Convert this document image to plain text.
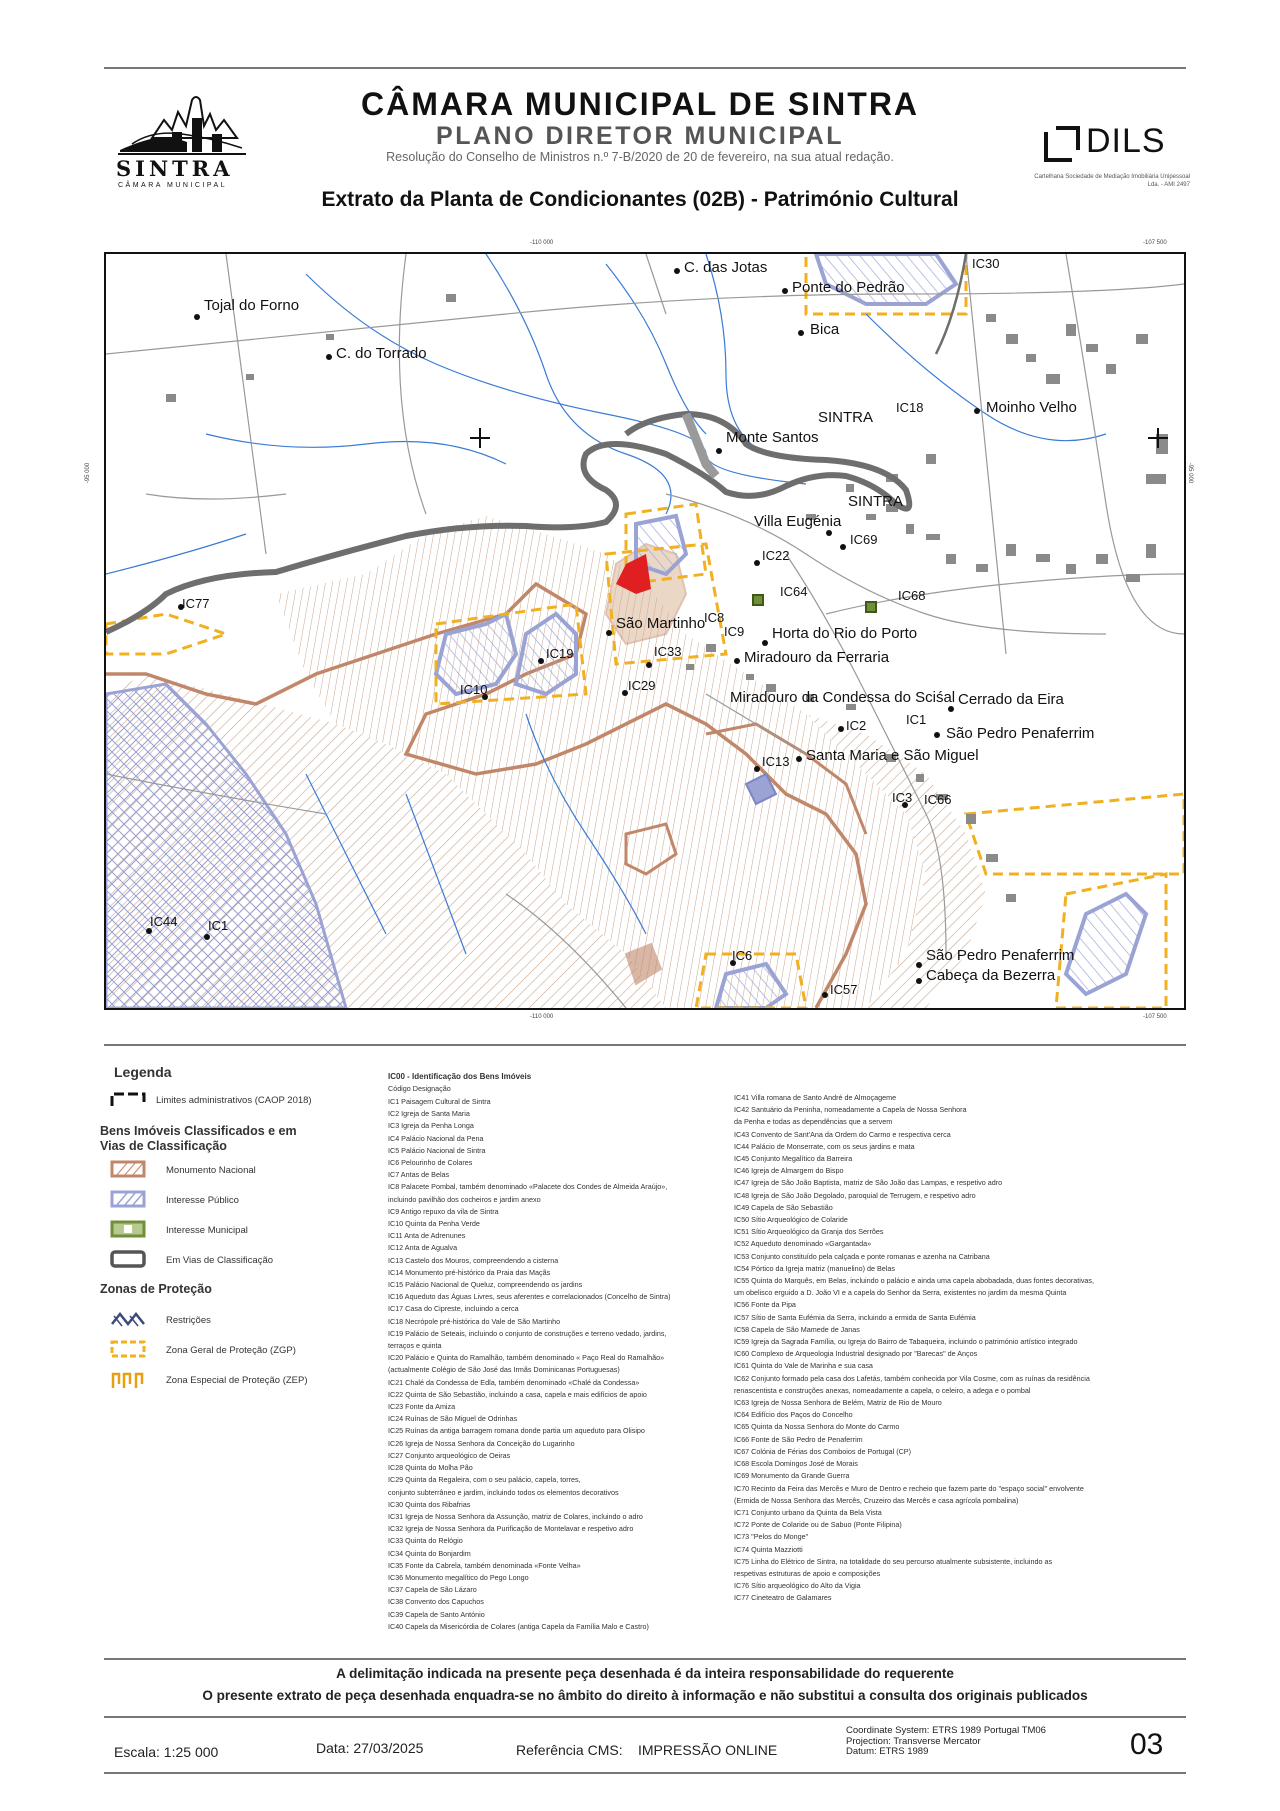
SINTRA
CÂMARA MUNICIPAL
CÂMARA MUNICIPAL DE SINTRA
PLANO DIRETOR MUNICIPAL
Resolução do Conselho de Ministros n.º 7-B/2020 de 20 de fevereiro, na sua atual redação.
Extrato da Planta de Condicionantes (02B) - Património Cultural
DILS
Cartelhana Sociedade de Mediação Imobiliária Unipessoal Lda. - AMI 2497
-110 000	-107 500
-110 000	-107 500
-95 000	-95 000
C. das Jotas
Ponte do Pedrão
Bica
Tojal do Forno
C. do Torrado
SINTRA
Moinho Velho
Monte Santos
SINTRA
Villa Eugénia
São Martinho
Horta do Rio do Porto
Miradouro da Ferraria
Miradouro da Condessa do Sciśal Cerrado da Eira
São Pedro Penaferrim
Santa Maria e São Miguel
São Pedro Penaferrim
Cabeça da Bezerra
IC30
IC18
IC69
IC22
IC64	IC68
IC77
IC8
IC9
IC19	IC33
IC10	IC29
IC2	IC1
IC13
IC3 IC66
IC44 IC1
IC6
IC57
Legenda
Limites administrativos (CAOP 2018)
Bens Imóveis Classificados e em Vias de Classificação
Monumento Nacional
Interesse Público
Interesse Municipal
Em Vias de Classificação
Zonas de Proteção
Restrições
Zona Geral de Proteção (ZGP)
Zona Especial de Proteção (ZEP)
IC00 - Identificação dos Bens Imóveis
Código Designação
IC1 Paisagem Cultural de Sintra
IC2 Igreja de Santa Maria
IC3 Igreja da Penha Longa
IC4 Palácio Nacional da Pena
IC5 Palácio Nacional de Sintra
IC6 Pelourinho de Colares
IC7 Antas de Belas
IC8 Palacete Pombal, também denominado «Palacete dos Condes de Almeida Araújo»,
incluindo pavilhão dos cocheiros e jardim anexo
IC9 Antigo repuxo da vila de Sintra
IC10 Quinta da Penha Verde
IC11 Anta de Adrenunes
IC12 Anta de Agualva
IC13 Castelo dos Mouros, compreendendo a cisterna
IC14 Monumento pré-histórico da Praia das Maçãs
IC15 Palácio Nacional de Queluz, compreendendo os jardins
IC16 Aqueduto das Águas Livres, seus aferentes e correlacionados (Concelho de Sintra)
IC17 Casa do Cipreste, incluindo a cerca
IC18 Necrópole pré-histórica do Vale de São Martinho
IC19 Palácio de Seteais, incluindo o conjunto de construções e terreno vedado, jardins,
terraços e quinta
IC20 Palácio e Quinta do Ramalhão, também denominado « Paço Real do Ramalhão»
(actualmente Colégio de São José das Irmãs Dominicanas Portuguesas)
IC21 Chalé da Condessa de Edla, também denominado «Chalé da Condessa»
IC22 Quinta de São Sebastião, incluindo a casa, capela e mais edifícios de apoio
IC23 Fonte da Amiza
IC24 Ruínas de São Miguel de Odrinhas
IC25 Ruínas da antiga barragem romana donde partia um aqueduto para Olisipo
IC26 Igreja de Nossa Senhora da Conceição do Lugarinho
IC27 Conjunto arqueológico de Oeiras
IC28 Quinta do Molha Pão
IC29 Quinta da Regaleira, com o seu palácio, capela, torres,
conjunto subterrâneo e jardim, incluindo todos os elementos decorativos
IC30 Quinta dos Ribafrias
IC31 Igreja de Nossa Senhora da Assunção, matriz de Colares, incluindo o adro
IC32 Igreja de Nossa Senhora da Purificação de Montelavar e respetivo adro
IC33 Quinta do Relógio
IC34 Quinta do Bonjardim
IC35 Fonte da Cabrela, também denominada «Fonte Velha»
IC36 Monumento megalítico do Pego Longo
IC37 Capela de São Lázaro
IC38 Convento dos Capuchos
IC39 Capela de Santo António
IC40 Capela da Misericórdia de Colares (antiga Capela da Família Malo e Castro)
IC41 Villa romana de Santo André de Almoçageme
IC42 Santuário da Peninha, nomeadamente a Capela de Nossa Senhora
da Penha e todas as dependências que a servem
IC43 Convento de Sant'Ana da Ordem do Carmo e respectiva cerca
IC44 Palácio de Monserrate, com os seus jardins e mata
IC45 Conjunto Megalítico da Barreira
IC46 Igreja de Almargem do Bispo
IC47 Igreja de São João Baptista, matriz de São João das Lampas, e respetivo adro
IC48 Igreja de São João Degolado, paroquial de Terrugem, e respetivo adro
IC49 Capela de São Sebastião
IC50 Sítio Arqueológico de Colaride
IC51 Sítio Arqueológico da Granja dos Serrões
IC52 Aqueduto denominado «Gargantada»
IC53 Conjunto constituído pela calçada e ponte romanas e azenha na Catribana
IC54 Pórtico da Igreja matriz (manuelino) de Belas
IC55 Quinta do Marquês, em Belas, incluindo o palácio e ainda uma capela abobadada, duas fontes decorativas,
um obelisco erguido a D. João VI e a capela do Senhor da Serra, existentes no jardim da mesma Quinta
IC56 Fonte da Pipa
IC57 Sítio de Santa Eufémia da Serra, incluindo a ermida de Santa Eufémia
IC58 Capela de São Mamede de Janas
IC59 Igreja da Sagrada Família, ou Igreja do Bairro de Tabaqueira, incluindo o património artístico integrado
IC60 Complexo de Arqueologia Industrial designado por "Barecas" de Anços
IC61 Quinta do Vale de Marinha e sua casa
IC62 Conjunto formado pela casa dos Lafetás, também conhecida por Vila Cosme, com as ruínas da residência
renascentista e construções anexas, nomeadamente a capela, o celeiro, a adega e o pombal
IC63 Igreja de Nossa Senhora de Belém, Matriz de Rio de Mouro
IC64 Edifício dos Paços do Concelho
IC65 Quinta da Nossa Senhora do Monte do Carmo
IC66 Fonte de São Pedro de Penaferrim
IC67 Colónia de Férias dos Comboios de Portugal (CP)
IC68 Escola Domingos José de Morais
IC69 Monumento da Grande Guerra
IC70 Recinto da Feira das Mercês e Muro de Dentro e recheio que fazem parte do "espaço social" envolvente
(Ermida de Nossa Senhora das Mercês, Cruzeiro das Mercês e casa agrícola pombalina)
IC71 Conjunto urbano da Quinta da Bela Vista
IC72 Ponte de Colaride ou de Sabuo (Ponte Filipina)
IC73 "Pelos do Monge"
IC74 Quinta Mazziotti
IC75 Linha do Elétrico de Sintra, na totalidade do seu percurso atualmente subsistente, incluindo as
respetivas estruturas de apoio e composições
IC76 Sítio arqueológico do Alto da Vigia
IC77 Cineteatro de Galamares
A delimitação indicada na presente peça desenhada é da inteira responsabilidade do requerente
O presente extrato de peça desenhada enquadra-se no âmbito do direito à informação e não substitui a consulta dos originais publicados
Escala: 1:25 000	Data: 27/03/2025	Referência CMS: IMPRESSÃO ONLINE
Coordinate System: ETRS 1989 Portugal TM06
Projection: Transverse Mercator
Datum: ETRS 1989	03
